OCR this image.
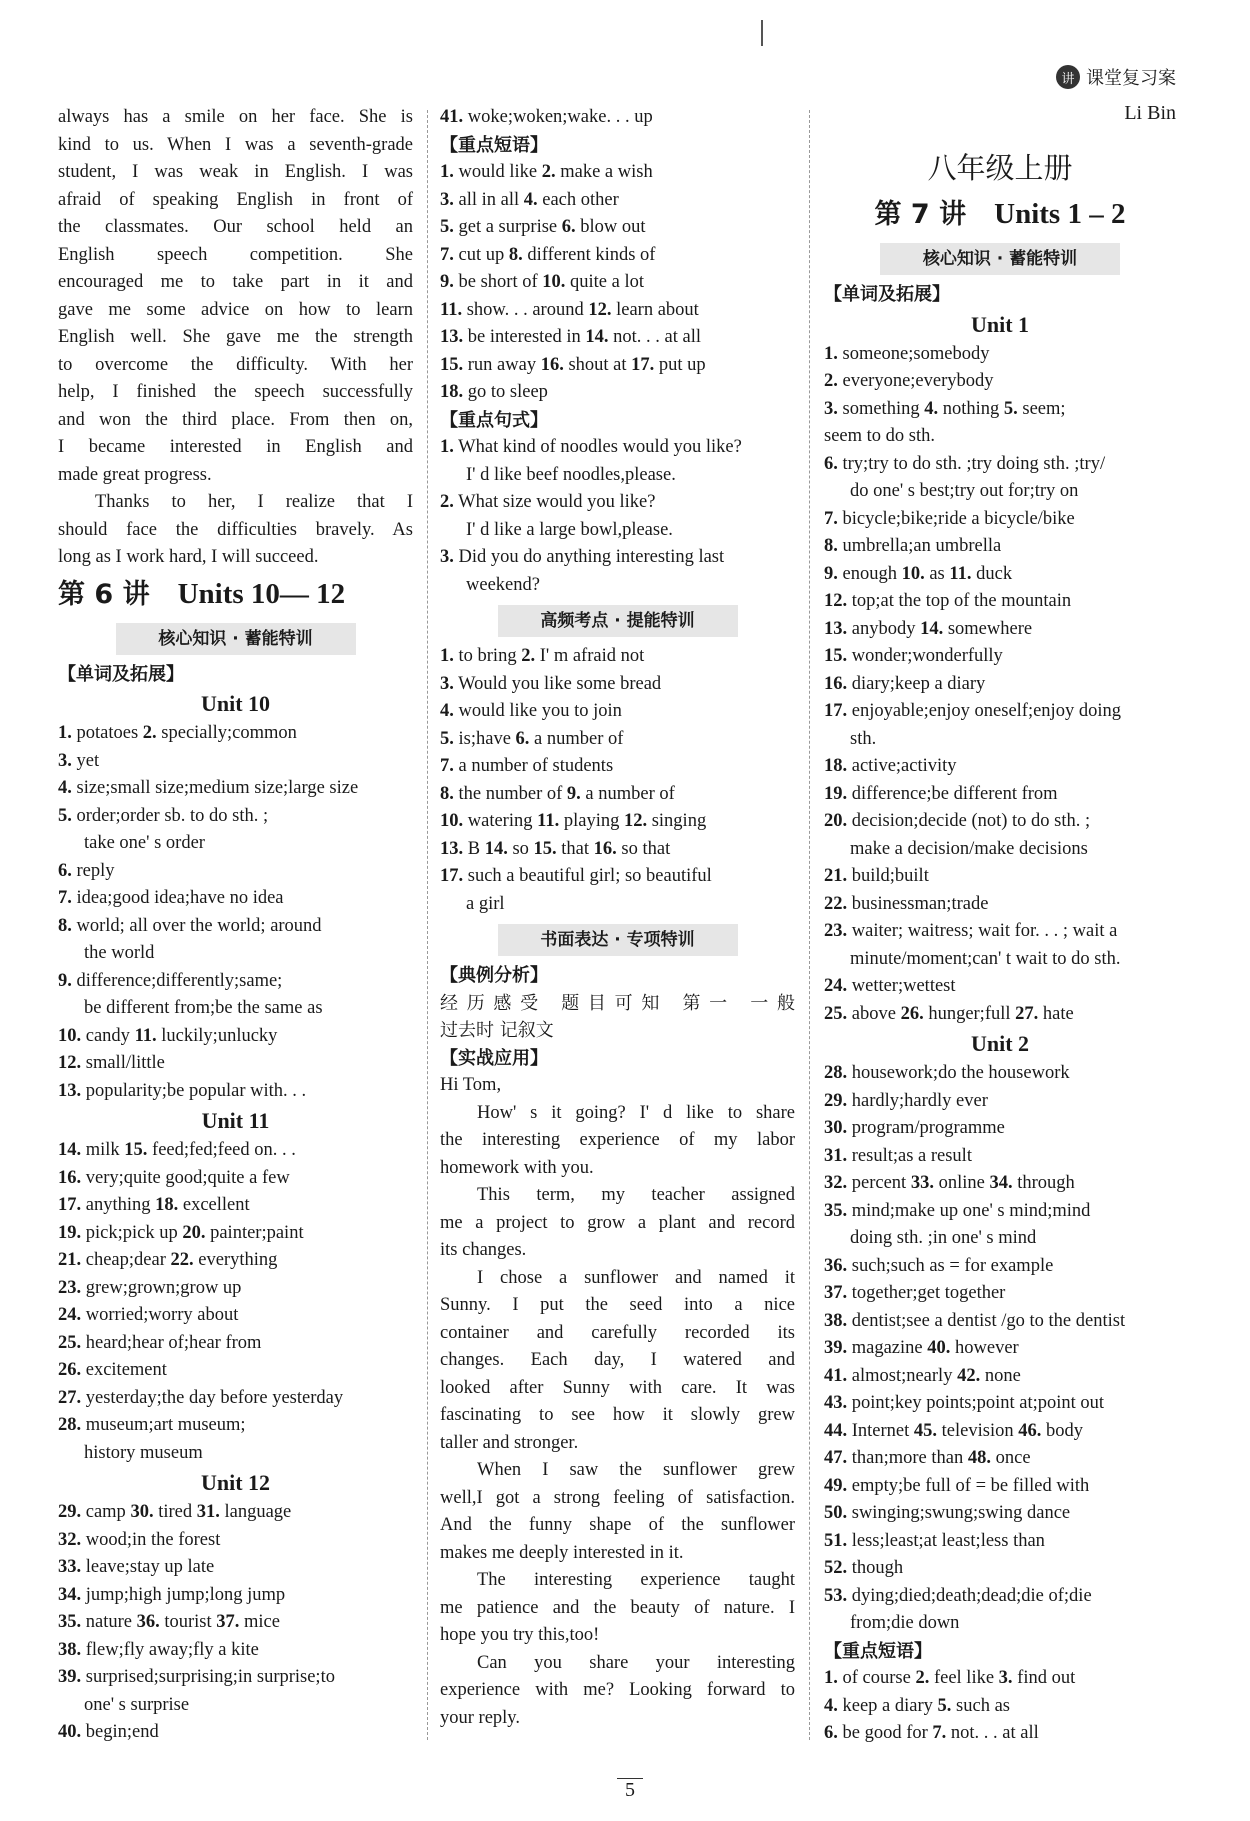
讲 课堂复习案
Li Bin
always has a smile on her face. She is
kind to us. When I was a seventh-grade
student, I was weak in English. I was
afraid of speaking English in front of
the classmates. Our school held an
English speech competition. She
encouraged me to take part in it and
gave me some advice on how to learn
English well. She gave me the strength
to overcome the difficulty. With her
help, I finished the speech successfully
and won the third place. From then on,
I became interested in English and
made great progress.
Thanks to her, I realize that I
should face the difficulties bravely. As
long as I work hard, I will succeed.
第 6 讲 Units 10— 12
核心知识 · 蓄能特训
【单词及拓展】
Unit 10
1. potatoes 2. specially;common
3. yet
4. size;small size;medium size;large size
5. order;order sb. to do sth. ;
take one' s order
6. reply
7. idea;good idea;have no idea
8. world; all over the world; around
the world
9. difference;differently;same;
be different from;be the same as
10. candy 11. luckily;unlucky
12. small/little
13. popularity;be popular with. . .
Unit 11
14. milk 15. feed;fed;feed on. . .
16. very;quite good;quite a few
17. anything 18. excellent
19. pick;pick up 20. painter;paint
21. cheap;dear 22. everything
23. grew;grown;grow up
24. worried;worry about
25. heard;hear of;hear from
26. excitement
27. yesterday;the day before yesterday
28. museum;art museum;
history museum
Unit 12
29. camp 30. tired 31. language
32. wood;in the forest
33. leave;stay up late
34. jump;high jump;long jump
35. nature 36. tourist 37. mice
38. flew;fly away;fly a kite
39. surprised;surprising;in surprise;to
one' s surprise
40. begin;end
41. woke;woken;wake. . . up
【重点短语】
1. would like 2. make a wish
3. all in all 4. each other
5. get a surprise 6. blow out
7. cut up 8. different kinds of
9. be short of 10. quite a lot
11. show. . . around 12. learn about
13. be interested in 14. not. . . at all
15. run away 16. shout at 17. put up
18. go to sleep
【重点句式】
1. What kind of noodles would you like?
I' d like beef noodles,please.
2. What size would you like?
I' d like a large bowl,please.
3. Did you do anything interesting last
weekend?
高频考点 · 提能特训
1. to bring 2. I' m afraid not
3. Would you like some bread
4. would like you to join
5. is;have 6. a number of
7. a number of students
8. the number of 9. a number of
10. watering 11. playing 12. singing
13. B 14. so 15. that 16. so that
17. such a beautiful girl; so beautiful
a girl
书面表达 · 专项特训
【典例分析】
经历感受 题目可知 第一 一般
过去时 记叙文
【实战应用】
Hi Tom,
How' s it going? I' d like to share
the interesting experience of my labor
homework with you.
This term, my teacher assigned
me a project to grow a plant and record
its changes.
I chose a sunflower and named it
Sunny. I put the seed into a nice
container and carefully recorded its
changes. Each day, I watered and
looked after Sunny with care. It was
fascinating to see how it slowly grew
taller and stronger.
When I saw the sunflower grew
well,I got a strong feeling of satisfaction.
And the funny shape of the sunflower
makes me deeply interested in it.
The interesting experience taught
me patience and the beauty of nature. I
hope you try this,too!
Can you share your interesting
experience with me? Looking forward to
your reply.
八年级上册
第 7 讲 Units 1 – 2
核心知识 · 蓄能特训
【单词及拓展】
Unit 1
1. someone;somebody
2. everyone;everybody
3. something 4. nothing 5. seem;
seem to do sth.
6. try;try to do sth. ;try doing sth. ;try/
do one' s best;try out for;try on
7. bicycle;bike;ride a bicycle/bike
8. umbrella;an umbrella
9. enough 10. as 11. duck
12. top;at the top of the mountain
13. anybody 14. somewhere
15. wonder;wonderfully
16. diary;keep a diary
17. enjoyable;enjoy oneself;enjoy doing
sth.
18. active;activity
19. difference;be different from
20. decision;decide (not) to do sth. ;
make a decision/make decisions
21. build;built
22. businessman;trade
23. waiter; waitress; wait for. . . ; wait a
minute/moment;can' t wait to do sth.
24. wetter;wettest
25. above 26. hunger;full 27. hate
Unit 2
28. housework;do the housework
29. hardly;hardly ever
30. program/programme
31. result;as a result
32. percent 33. online 34. through
35. mind;make up one' s mind;mind
doing sth. ;in one' s mind
36. such;such as = for example
37. together;get together
38. dentist;see a dentist /go to the dentist
39. magazine 40. however
41. almost;nearly 42. none
43. point;key points;point at;point out
44. Internet 45. television 46. body
47. than;more than 48. once
49. empty;be full of = be filled with
50. swinging;swung;swing dance
51. less;least;at least;less than
52. though
53. dying;died;death;dead;die of;die
from;die down
【重点短语】
1. of course 2. feel like 3. find out
4. keep a diary 5. such as
6. be good for 7. not. . . at all
5
